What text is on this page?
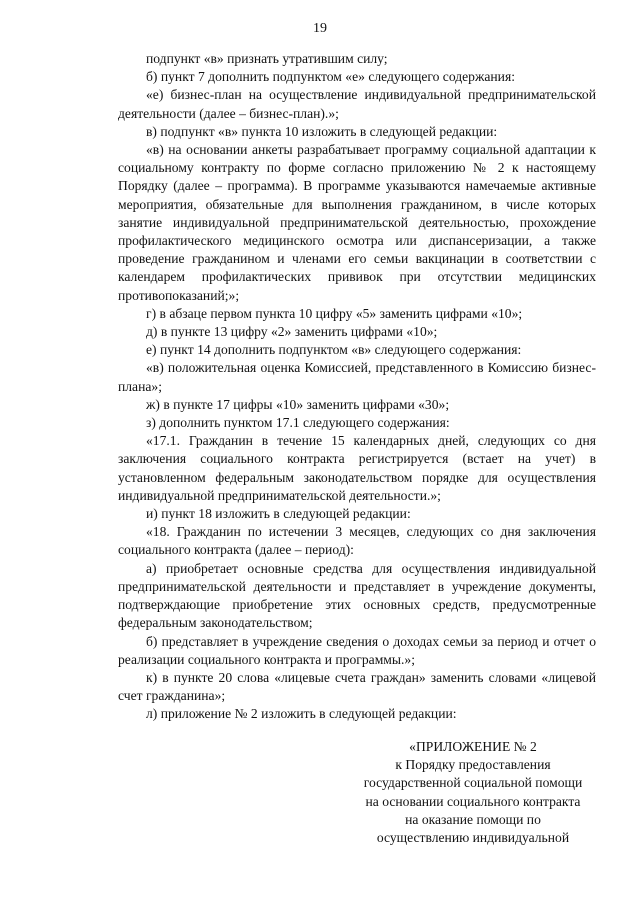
19

подпункт «в» признать утратившим силу;

б) пункт 7 дополнить подпунктом «е» следующего содержания:

«е) бизнес-план на осуществление индивидуальной предпринимательской деятельности (далее – бизнес-план).»;

в) подпункт «в» пункта 10 изложить в следующей редакции:

«в) на основании анкеты разрабатывает программу социальной адаптации к социальному контракту по форме согласно приложению № 2 к настоящему Порядку (далее – программа). В программе указываются намечаемые активные мероприятия, обязательные для выполнения гражданином, в числе которых занятие индивидуальной предпринимательской деятельностью, прохождение профилактического медицинского осмотра или диспансеризации, а также проведение гражданином и членами его семьи вакцинации в соответствии с календарем профилактических прививок при отсутствии медицинских противопоказаний;»;

г) в абзаце первом пункта 10 цифру «5» заменить цифрами «10»;

д) в пункте 13 цифру «2» заменить цифрами «10»;

е) пункт 14 дополнить подпунктом «в» следующего содержания:

«в) положительная оценка Комиссией, представленного в Комиссию бизнес-плана»;

ж) в пункте 17 цифры «10» заменить цифрами «30»;

з) дополнить пунктом 17.1 следующего содержания:

«17.1. Гражданин в течение 15 календарных дней, следующих со дня заключения социального контракта регистрируется (встает на учет) в установленном федеральным законодательством порядке для осуществления индивидуальной предпринимательской деятельности.»;

и) пункт 18 изложить в следующей редакции:

«18. Гражданин по истечении 3 месяцев, следующих со дня заключения социального контракта (далее – период):

а) приобретает основные средства для осуществления индивидуальной предпринимательской деятельности и представляет в учреждение документы, подтверждающие приобретение этих основных средств, предусмотренные федеральным законодательством;

б) представляет в учреждение сведения о доходах семьи за период и отчет о реализации социального контракта и программы.»;

к) в пункте 20 слова «лицевые счета граждан» заменить словами «лицевой счет гражданина»;

л) приложение № 2 изложить в следующей редакции:

«ПРИЛОЖЕНИЕ № 2
к Порядку предоставления
государственной социальной помощи
на основании социального контракта
на оказание помощи по
осуществлению индивидуальной
